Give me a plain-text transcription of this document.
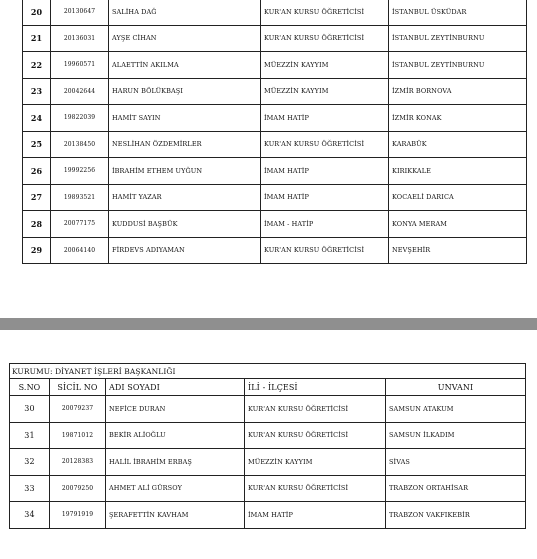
20	20130647	SALİHA DAĞ	KUR'AN KURSU ÖĞRETİCİSİ	İSTANBUL ÜSKÜDAR
21	20136031	AYŞE CİHAN	KUR'AN KURSU ÖĞRETİCİSİ	İSTANBUL ZEYTİNBURNU
22	19960571	ALAETTİN AKILMA	MÜEZZİN KAYYIM	İSTANBUL ZEYTİNBURNU
23	20042644	HARUN BÖLÜKBAŞI	MÜEZZİN KAYYIM	İZMİR BORNOVA
24	19822039	HAMİT SAYIN	İMAM HATİP	İZMİR KONAK
25	20138450	NESLİHAN ÖZDEMİRLER	KUR'AN KURSU ÖĞRETİCİSİ	KARABÜK
26	19992256	İBRAHİM ETHEM UYĞUN	İMAM HATİP	KIRIKKALE
27	19893521	HAMİT YAZAR	İMAM HATİP	KOCAELİ DARICA
28	20077175	KUDDUSİ BAŞBÜK	İMAM - HATİP	KONYA MERAM
29	20064140	FİRDEVS ADIYAMAN	KUR'AN KURSU ÖĞRETİCİSİ	NEVŞEHİR
KURUMU: DİYANET İŞLERİ BAŞKANLIĞI				
S.NO	SİCİL NO	ADI SOYADI	İLİ - İLÇESİ	UNVANI
30	20079237	NEFİCE DURAN	KUR'AN KURSU ÖĞRETİCİSİ	SAMSUN ATAKUM
31	19871012	BEKİR ALİOĞLU	KUR'AN KURSU ÖĞRETİCİSİ	SAMSUN İLKADIM
32	20128383	HALİL İBRAHİM ERBAŞ	MÜEZZİN KAYYIM	SİVAS
33	20079250	AHMET ALİ GÜRSOY	KUR'AN KURSU ÖĞRETİCİSİ	TRABZON ORTAHİSAR
34	19791919	ŞERAFETTİN KAVHAM	İMAM HATİP	TRABZON VAKFIKEBİR
